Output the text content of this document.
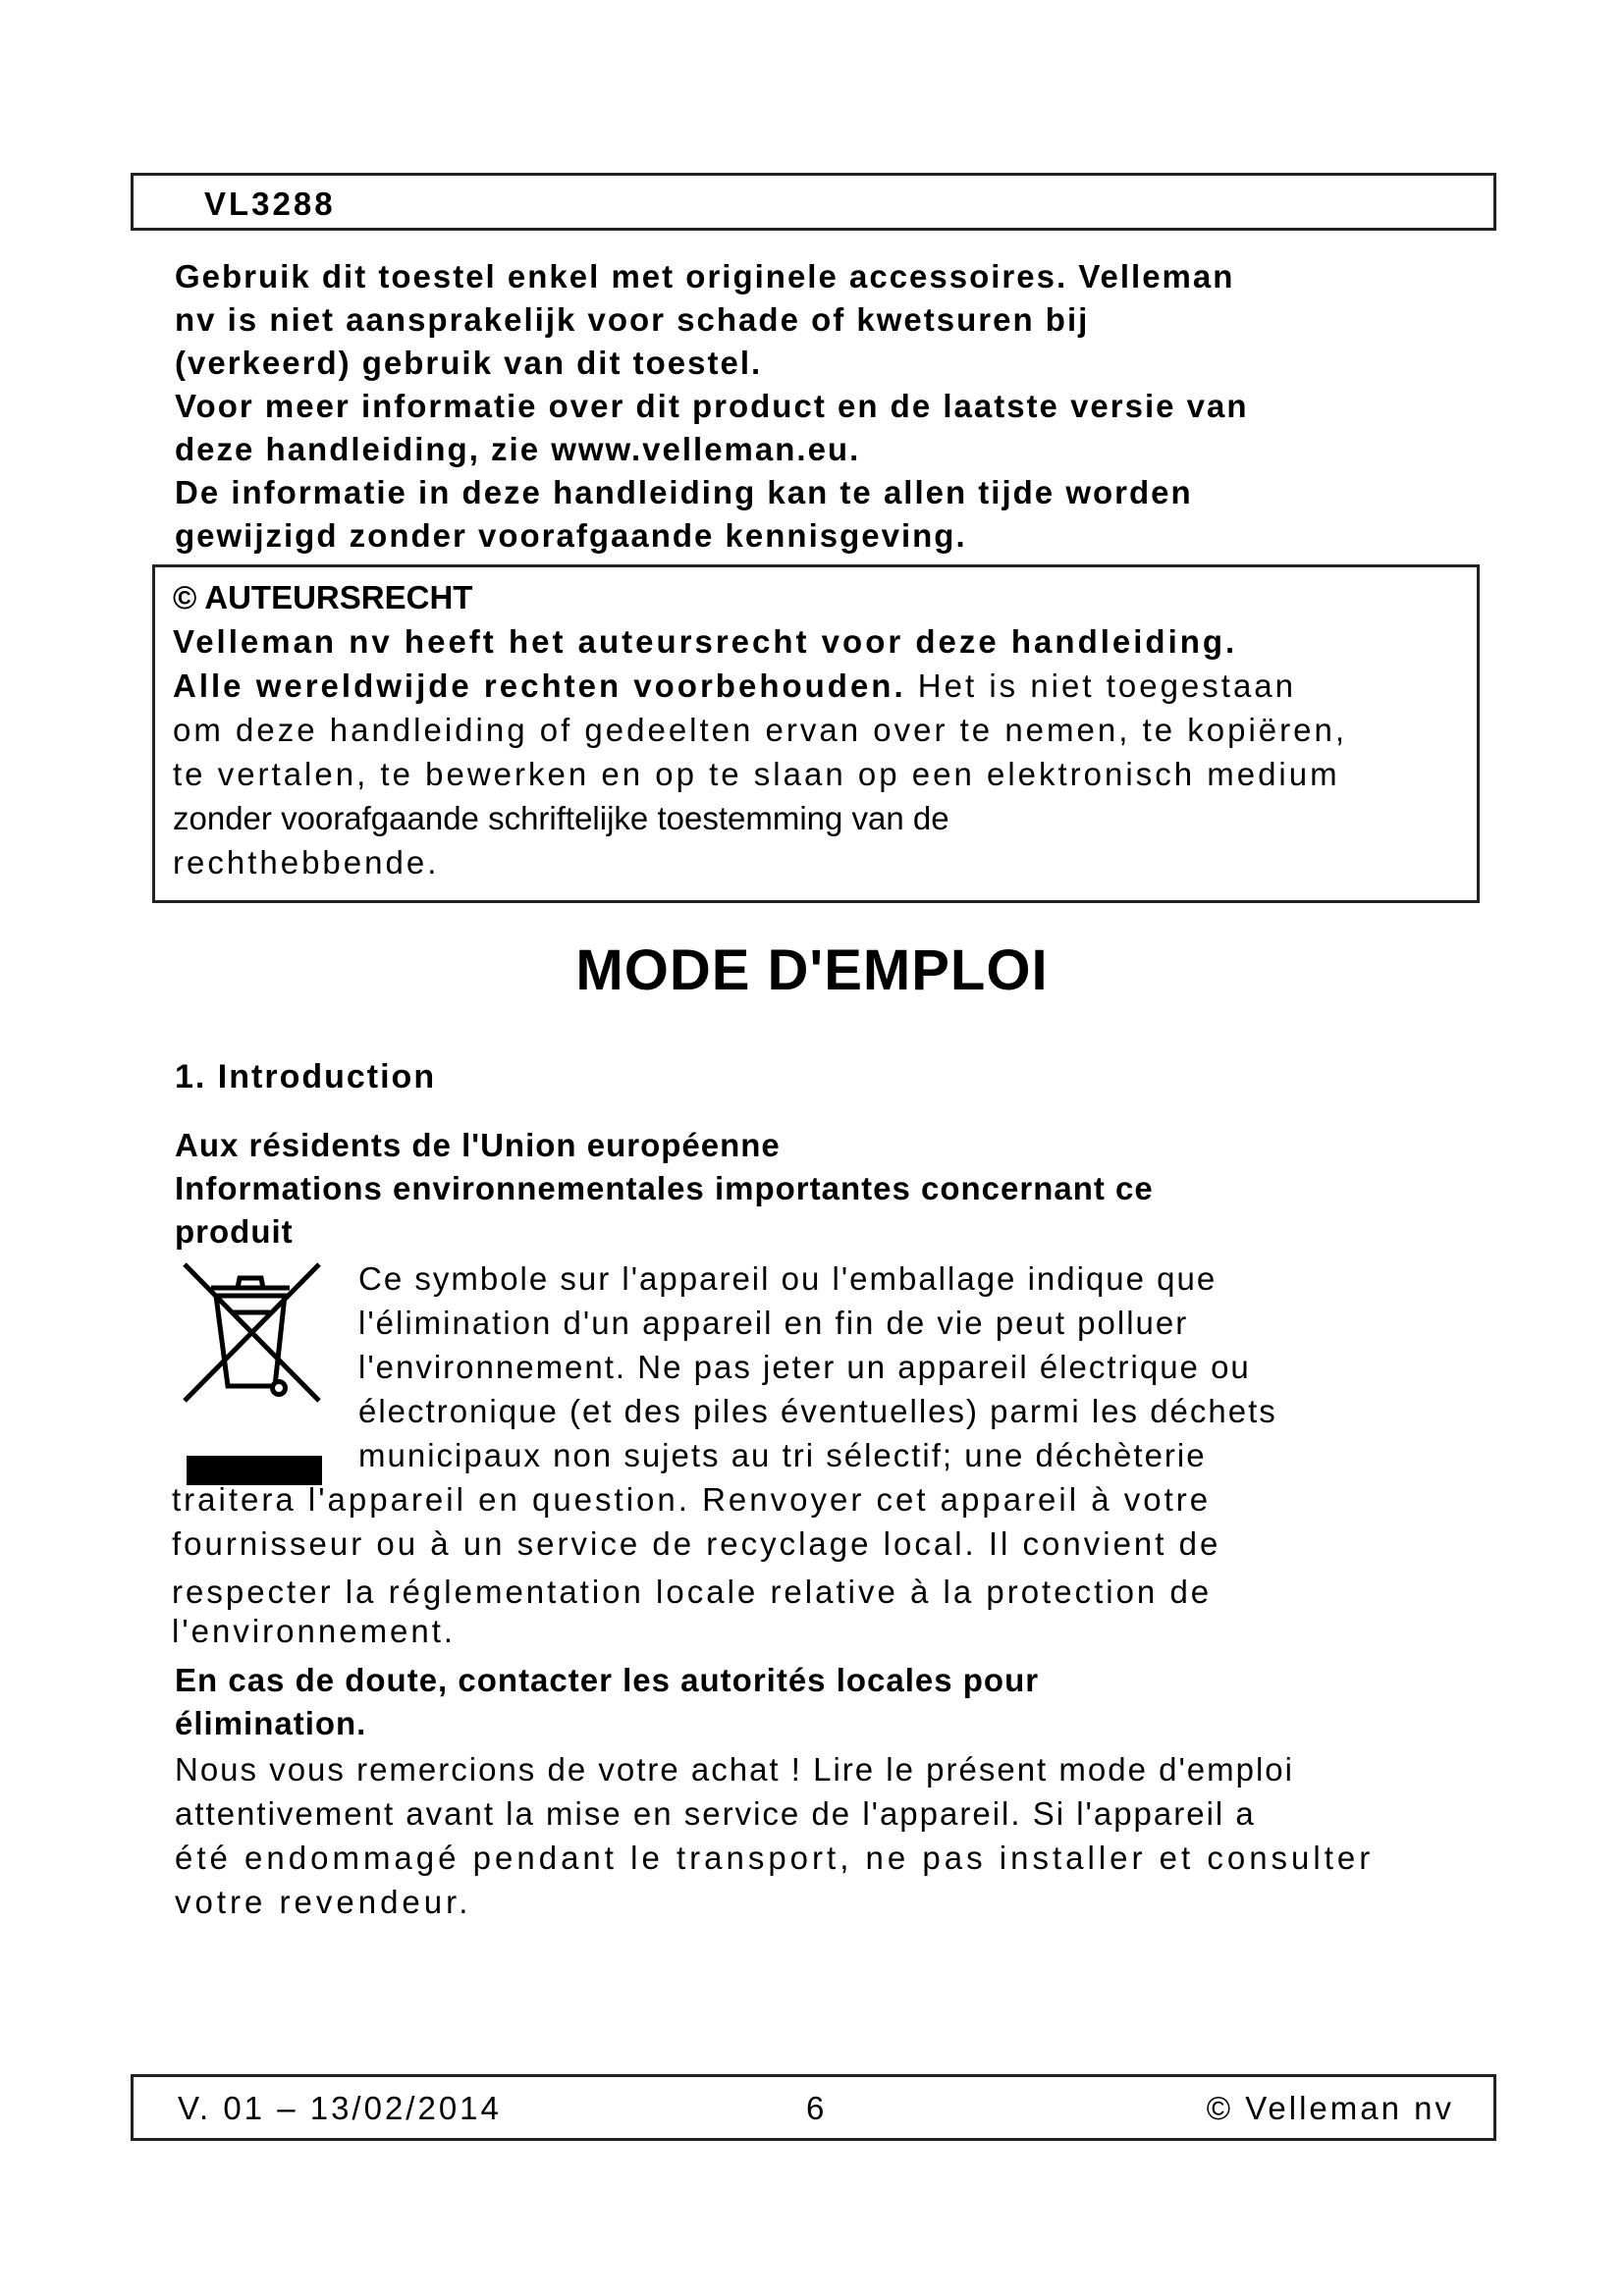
VL3288
Gebruik dit toestel enkel met originele accessoires. Velleman
nv is niet aansprakelijk voor schade of kwetsuren bij
(verkeerd) gebruik van dit toestel.
Voor meer informatie over dit product en de laatste versie van
deze handleiding, zie www.velleman.eu.
De informatie in deze handleiding kan te allen tijde worden
gewijzigd zonder voorafgaande kennisgeving.
© AUTEURSRECHT
Velleman nv heeft het auteursrecht voor deze handleiding.
Alle wereldwijde rechten voorbehouden. Het is niet toegestaan
om deze handleiding of gedeelten ervan over te nemen, te kopiëren,
te vertalen, te bewerken en op te slaan op een elektronisch medium
zonder voorafgaande schriftelijke toestemming van de
rechthebbende.
MODE D'EMPLOI
1. Introduction
Aux résidents de l'Union européenne
Informations environnementales importantes concernant ce
produit
Ce symbole sur l'appareil ou l'emballage indique que
l'élimination d'un appareil en fin de vie peut polluer
l'environnement. Ne pas jeter un appareil électrique ou
électronique (et des piles éventuelles) parmi les déchets
municipaux non sujets au tri sélectif; une déchèterie
traitera l'appareil en question. Renvoyer cet appareil à votre
fournisseur ou à un service de recyclage local. Il convient de
respecter la réglementation locale relative à la protection de
l'environnement.
En cas de doute, contacter les autorités locales pour
élimination.
Nous vous remercions de votre achat ! Lire le présent mode d'emploi
attentivement avant la mise en service de l'appareil. Si l'appareil a
été endommagé pendant le transport, ne pas installer et consulter
votre revendeur.
V. 01 – 13/02/2014	6	© Velleman nv
